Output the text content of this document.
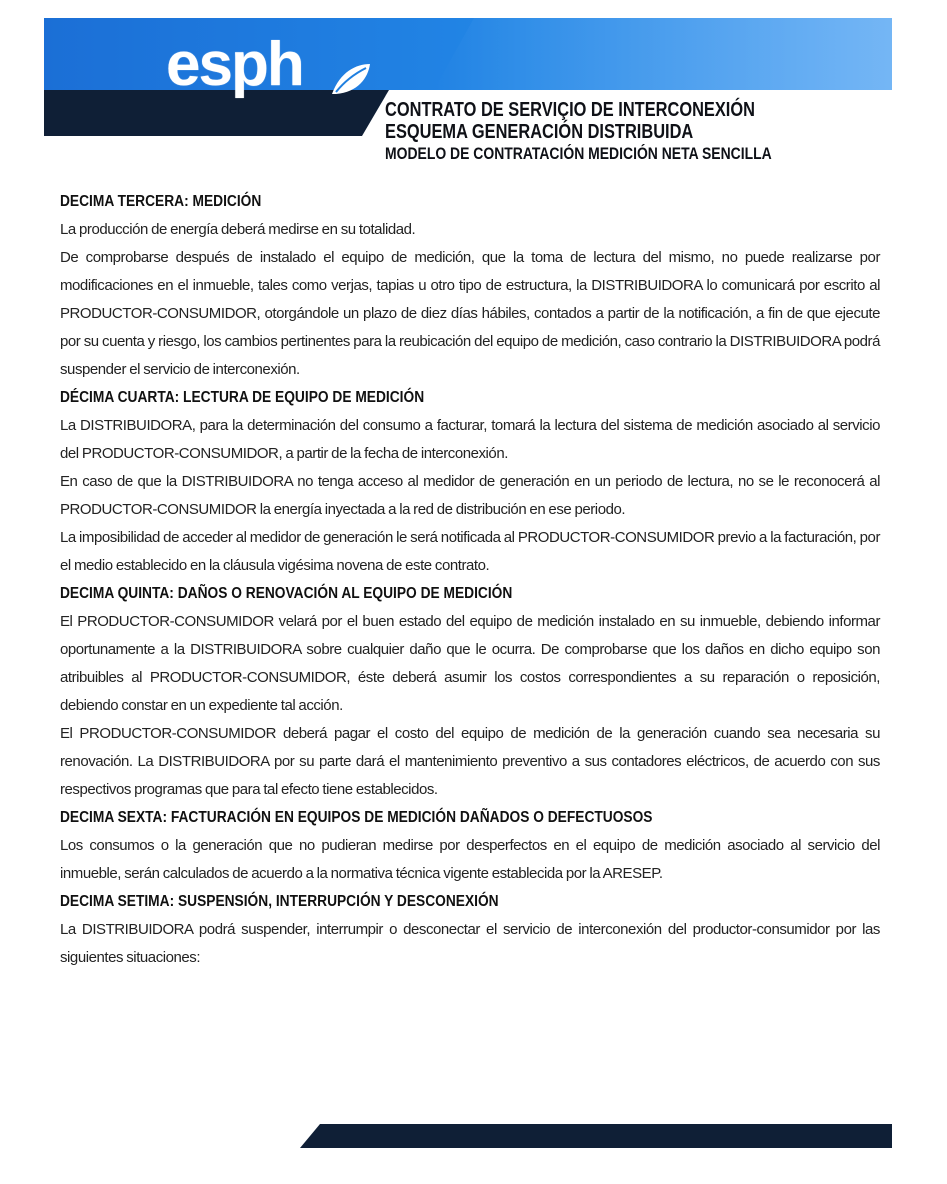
esph
CONTRATO DE SERVIÇIO DE INTERCONEXIÓN
ESQUEMA GENERACIÓN DISTRIBUIDA
MODELO DE CONTRATACIÓN MEDICIÓN NETA SENCILLA
DECIMA TERCERA: MEDICIÓN

La producción de energía deberá medirse en su totalidad.

De comprobarse después de instalado el equipo de medición, que la toma de lectura del mismo, no puede realizarse por modificaciones en el inmueble, tales como verjas, tapias u otro tipo de estructura, la DISTRIBUIDORA lo comunicará por escrito al PRODUCTOR-CONSUMIDOR, otorgándole un plazo de diez días hábiles, contados a partir de la notificación, a fin de que ejecute por su cuenta y riesgo, los cambios pertinentes para la reubicación del equipo de medición, caso contrario la DISTRIBUIDORA podrá suspender el servicio de interconexión.

DÉCIMA CUARTA: LECTURA DE EQUIPO DE MEDICIÓN

La DISTRIBUIDORA, para la determinación del consumo a facturar, tomará la lectura del sistema de medición asociado al servicio del PRODUCTOR-CONSUMIDOR, a partir de la fecha de interconexión.

En caso de que la DISTRIBUIDORA no tenga acceso al medidor de generación en un periodo de lectura, no se le reconocerá al PRODUCTOR-CONSUMIDOR la energía inyectada a la red de distribución en ese periodo.

La imposibilidad de acceder al medidor de generación le será notificada al PRODUCTOR-CONSUMIDOR previo a la facturación, por el medio establecido en la cláusula vigésima novena de este contrato.

DECIMA QUINTA: DAÑOS O RENOVACIÓN AL EQUIPO DE MEDICIÓN

El PRODUCTOR-CONSUMIDOR velará por el buen estado del equipo de medición instalado en su inmueble, debiendo informar oportunamente a la DISTRIBUIDORA sobre cualquier daño que le ocurra. De comprobarse que los daños en dicho equipo son atribuibles al PRODUCTOR-CONSUMIDOR, éste deberá asumir los costos correspondientes a su reparación o reposición, debiendo constar en un expediente tal acción.

El PRODUCTOR-CONSUMIDOR deberá pagar el costo del equipo de medición de la generación cuando sea necesaria su renovación. La DISTRIBUIDORA por su parte dará el mantenimiento preventivo a sus contadores eléctricos, de acuerdo con sus respectivos programas que para tal efecto tiene establecidos.

DECIMA SEXTA: FACTURACIÓN EN EQUIPOS DE MEDICIÓN DAÑADOS O DEFECTUOSOS

Los consumos o la generación que no pudieran medirse por desperfectos en el equipo de medición asociado al servicio del inmueble, serán calculados de acuerdo a la normativa técnica vigente establecida por la ARESEP.

DECIMA SETIMA: SUSPENSIÓN, INTERRUPCIÓN Y DESCONEXIÓN

La DISTRIBUIDORA podrá suspender, interrumpir o desconectar el servicio de interconexión del productor-consumidor por las siguientes situaciones:
